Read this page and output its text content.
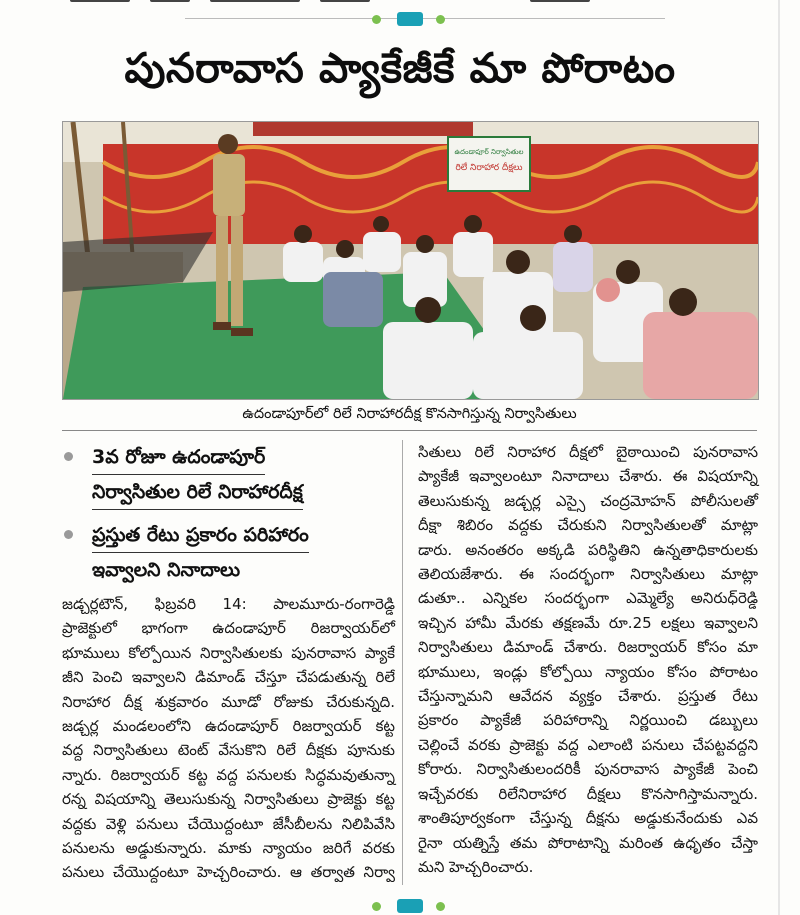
పునరావాస ప్యాకేజీకే మా పోరాటం
ఉదండాపూర్ నిర్వాసితుల
రిలే నిరాహార దీక్షలు
ఉదండాపూర్‌లో రిలే నిరాహారదీక్ష కొనసాగిస్తున్న నిర్వాసితులు
3వ రోజూ ఉదండాపూర్
నిర్వాసితుల రిలే నిరాహారదీక్ష
ప్రస్తుత రేటు ప్రకారం పరిహారం
ఇవ్వాలని నినాదాలు
జడ్చర్లటౌన్, ఫిబ్రవరి 14: పాలమూరు-రంగారెడ్డి
ప్రాజెక్టులో భాగంగా ఉదండాపూర్ రిజర్వాయర్‌లో
భూములు కోల్పోయిన నిర్వాసితులకు పునరావాస ప్యాకే
జీని పెంచి ఇవ్వాలని డిమాండ్ చేస్తూ చేపడుతున్న రిలే
నిరాహార దీక్ష శుక్రవారం మూడో రోజుకు చేరుకున్నది.
జడ్చర్ల మండలంలోని ఉదండాపూర్ రిజర్వాయర్ కట్ట
వద్ద నిర్వాసితులు టెంట్ వేసుకొని రిలే దీక్షకు పూనుకు
న్నారు. రిజర్వాయర్ కట్ట వద్ద పనులకు సిద్ధమవుతున్నా
రన్న విషయాన్ని తెలుసుకున్న నిర్వాసితులు ప్రాజెక్టు కట్ట
వద్దకు వెళ్లి పనులు చేయొద్దంటూ జేసీబీలను నిలిపివేసి
పనులను అడ్డుకున్నారు. మాకు న్యాయం జరిగే వరకు
పనులు చేయొద్దంటూ హెచ్చరించారు. ఆ తర్వాత నిర్వా
సితులు రిలే నిరాహార దీక్షలో బైఠాయించి పునరావాస
ప్యాకేజీ ఇవ్వాలంటూ నినాదాలు చేశారు. ఈ విషయాన్ని
తెలుసుకున్న జడ్చర్ల ఎస్సై చంద్రమోహన్ పోలీసులతో
దీక్షా శిబిరం వద్దకు చేరుకుని నిర్వాసితులతో మాట్లా
డారు. అనంతరం అక్కడి పరిస్థితిని ఉన్నతాధికారులకు
తెలియజేశారు. ఈ సందర్భంగా నిర్వాసితులు మాట్లా
డుతూ.. ఎన్నికల సందర్భంగా ఎమ్మెల్యే అనిరుధ్‌రెడ్డి
ఇచ్చిన హామీ మేరకు తక్షణమే రూ.25 లక్షలు ఇవ్వాలని
నిర్వాసితులు డిమాండ్ చేశారు. రిజర్వాయర్ కోసం మా
భూములు, ఇండ్లు కోల్పోయి న్యాయం కోసం పోరాటం
చేస్తున్నామని ఆవేదన వ్యక్తం చేశారు. ప్రస్తుత రేటు
ప్రకారం ప్యాకేజీ పరిహారాన్ని నిర్ణయించి డబ్బులు
చెల్లించే వరకు ప్రాజెక్టు వద్ద ఎలాంటి పనులు చేపట్టవద్దని
కోరారు. నిర్వాసితులందరికీ పునరావాస ప్యాకేజీ పెంచి
ఇచ్చేవరకు రిలేనిరాహార దీక్షలు కొనసాగిస్తామన్నారు.
శాంతిపూర్వకంగా చేస్తున్న దీక్షను అడ్డుకునేందుకు ఎవ
రైనా యత్నిస్తే తమ పోరాటాన్ని మరింత ఉధృతం చేస్తా
మని హెచ్చరించారు.
